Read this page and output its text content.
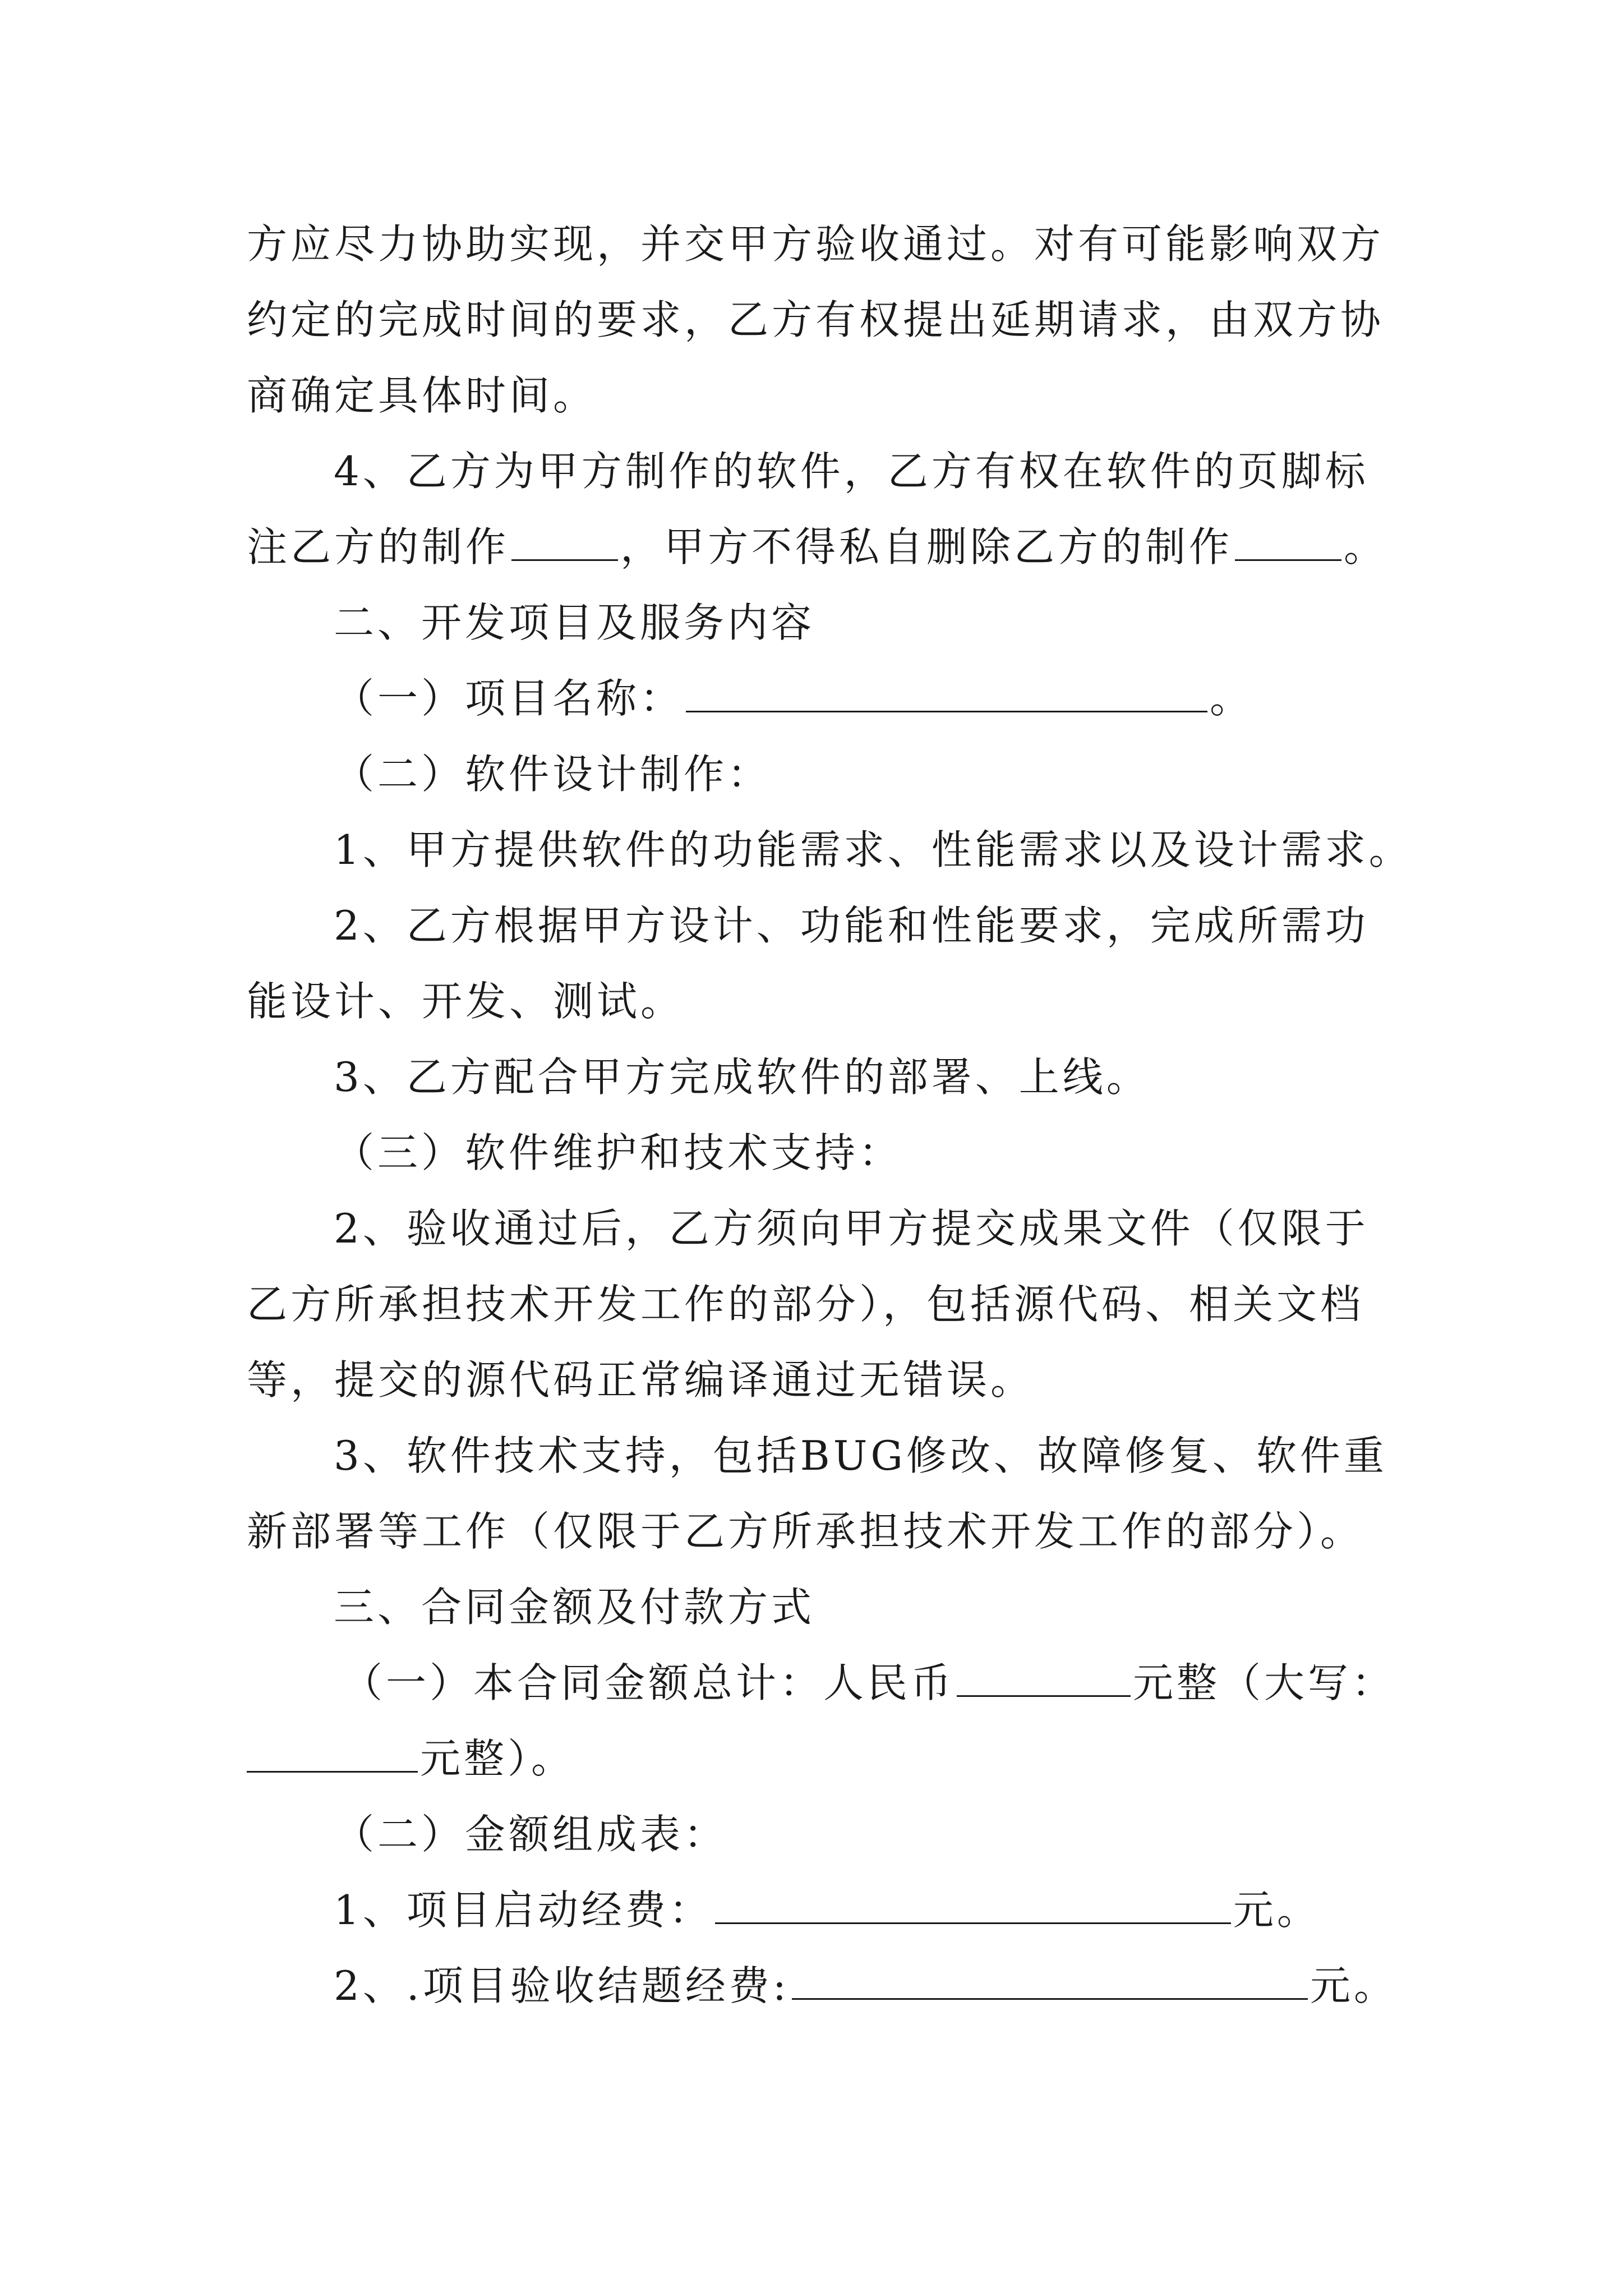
方应尽力协助实现，并交甲方验收通过。对有可能影响双方
约定的完成时间的要求，乙方有权提出延期请求，由双方协
商确定具体时间。
4、乙方为甲方制作的软件，乙方有权在软件的页脚标
注乙方的制作	，甲方不得私自删除乙方的制作	。
二、开发项目及服务内容
（一）项目名称：	。
（二）软件设计制作：
1、甲方提供软件的功能需求、性能需求以及设计需求。
2、乙方根据甲方设计、功能和性能要求，完成所需功
能设计、开发、测试。
3、乙方配合甲方完成软件的部署、上线。
（三）软件维护和技术支持：
2、验收通过后，乙方须向甲方提交成果文件（仅限于
乙方所承担技术开发工作的部分），包括源代码、相关文档
等，提交的源代码正常编译通过无错误。
3、软件技术支持，包括BUG修改、故障修复、软件重
新部署等工作（仅限于乙方所承担技术开发工作的部分）。
三、合同金额及付款方式
（一）本合同金额总计：人民币	元整（大写：
元整）。
（二）金额组成表：
1、项目启动经费：	元。
2、.项目验收结题经费:	元。
